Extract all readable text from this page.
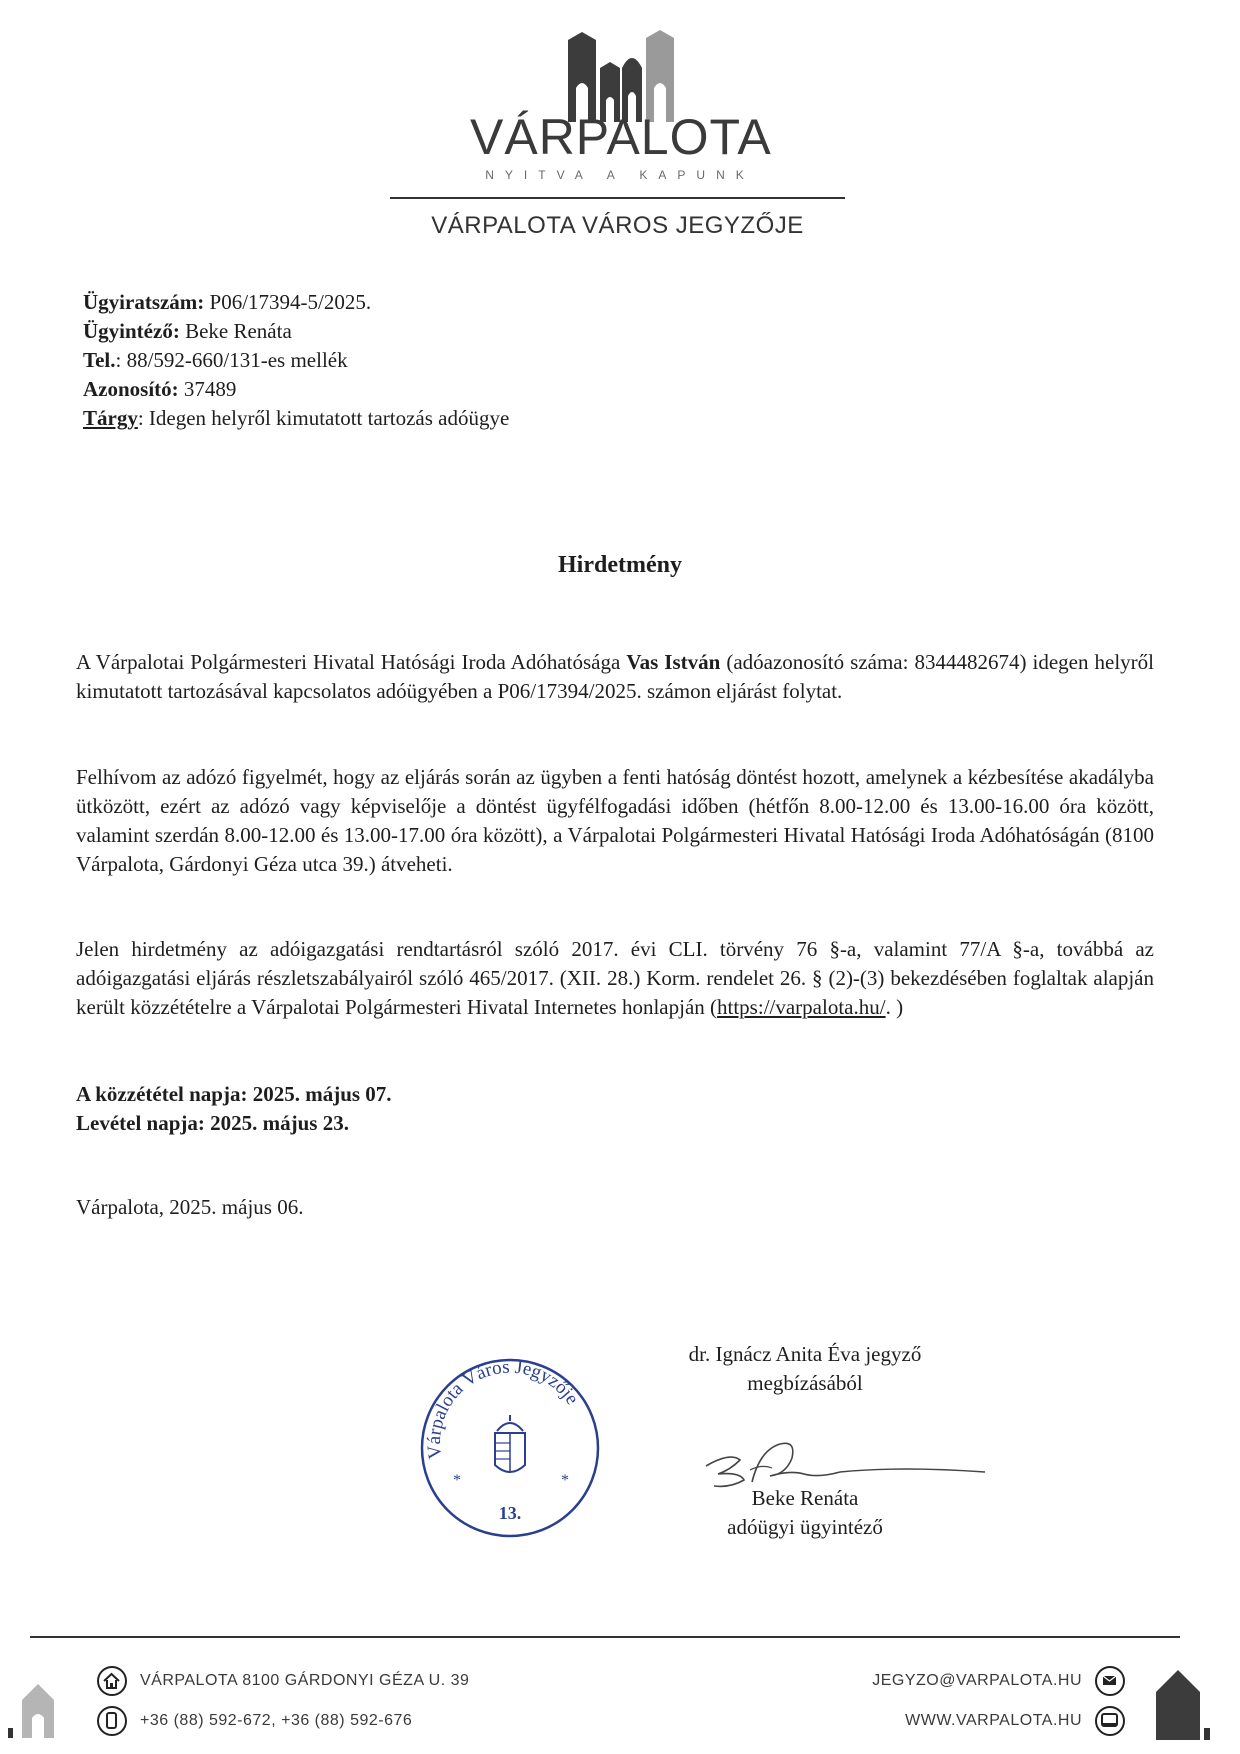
VÁRPALOTA
NYITVA A KAPUNK
VÁRPALOTA VÁROS JEGYZŐJE
Ügyiratszám: P06/17394-5/2025.
Ügyintéző: Beke Renáta
Tel.: 88/592-660/131-es mellék
Azonosító: 37489
Tárgy: Idegen helyről kimutatott tartozás adóügye
Hirdetmény

A Várpalotai Polgármesteri Hivatal Hatósági Iroda Adóhatósága Vas István (adóazonosító száma: 8344482674) idegen helyről kimutatott tartozásával kapcsolatos adóügyében a P06/17394/2025. számon eljárást folytat.

Felhívom az adózó figyelmét, hogy az eljárás során az ügyben a fenti hatóság döntést hozott, amelynek a kézbesítése akadályba ütközött, ezért az adózó vagy képviselője a döntést ügyfélfogadási időben (hétfőn 8.00-12.00 és 13.00-16.00 óra között, valamint szerdán 8.00-12.00 és 13.00-17.00 óra között), a Várpalotai Polgármesteri Hivatal Hatósági Iroda Adóhatóságán (8100 Várpalota, Gárdonyi Géza utca 39.) átveheti.

Jelen hirdetmény az adóigazgatási rendtartásról szóló 2017. évi CLI. törvény 76 §-a, valamint 77/A §-a, továbbá az adóigazgatási eljárás részletszabályairól szóló 465/2017. (XII. 28.) Korm. rendelet 26. § (2)-(3) bekezdésében foglaltak alapján került közzétételre a Várpalotai Polgármesteri Hivatal Internetes honlapján (https://varpalota.hu/. )

A közzététel napja: 2025. május 07.
Levétel napja: 2025. május 23.
Várpalota, 2025. május 06.
dr. Ignácz Anita Éva jegyző
megbízásából
Beke Renáta
adóügyi ügyintéző
Várpalota Város Jegyzője
*	*
13.
VÁRPALOTA 8100 GÁRDONYI GÉZA U. 39
+36 (88) 592-672, +36 (88) 592-676
JEGYZO@VARPALOTA.HU
WWW.VARPALOTA.HU
